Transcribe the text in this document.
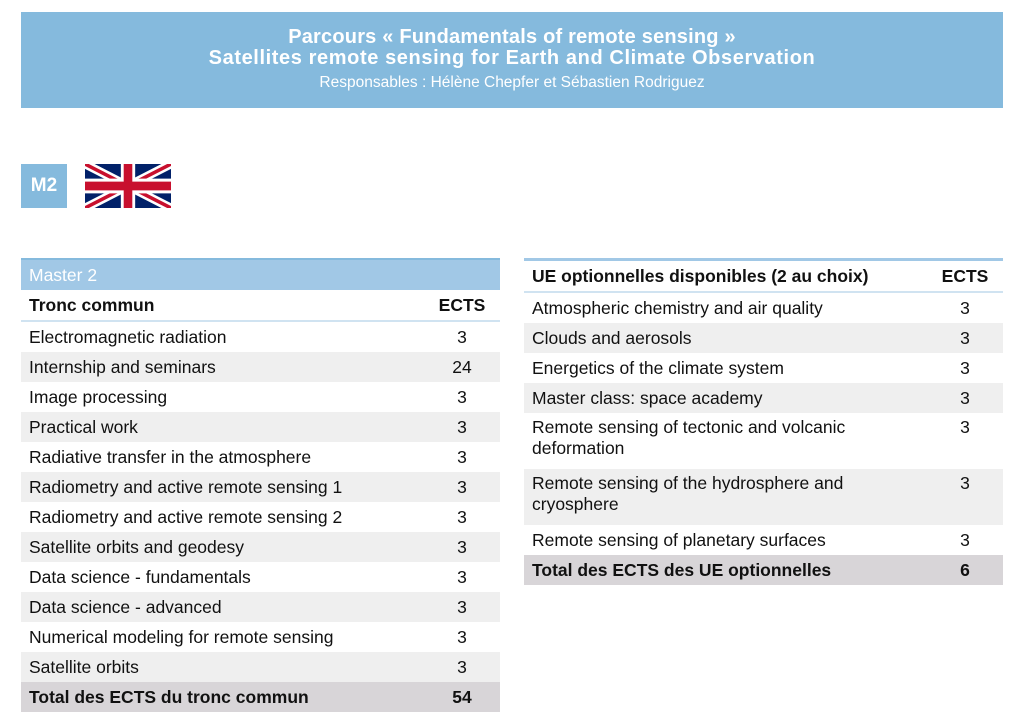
Parcours « Fundamentals of remote sensing »
Satellites remote sensing for Earth and Climate Observation
Responsables : Hélène Chepfer et Sébastien Rodriguez
M2
Master 2	
Tronc commun	ECTS
Electromagnetic radiation	3
Internship and seminars	24
Image processing	3
Practical work	3
Radiative transfer in the atmosphere	3
Radiometry and active remote sensing 1	3
Radiometry and active remote sensing 2	3
Satellite orbits and geodesy	3
Data science - fundamentals	3
Data science - advanced	3
Numerical modeling for remote sensing	3
Satellite orbits	3
Total des ECTS du tronc commun	54
UE optionnelles disponibles (2 au choix)	ECTS
Atmospheric chemistry and air quality	3
Clouds and aerosols	3
Energetics of the climate system	3
Master class: space academy	3
Remote sensing of tectonic and volcanic deformation	3
Remote sensing of the hydrosphere and cryosphere	3
Remote sensing of planetary surfaces	3
Total des ECTS des UE optionnelles	6
